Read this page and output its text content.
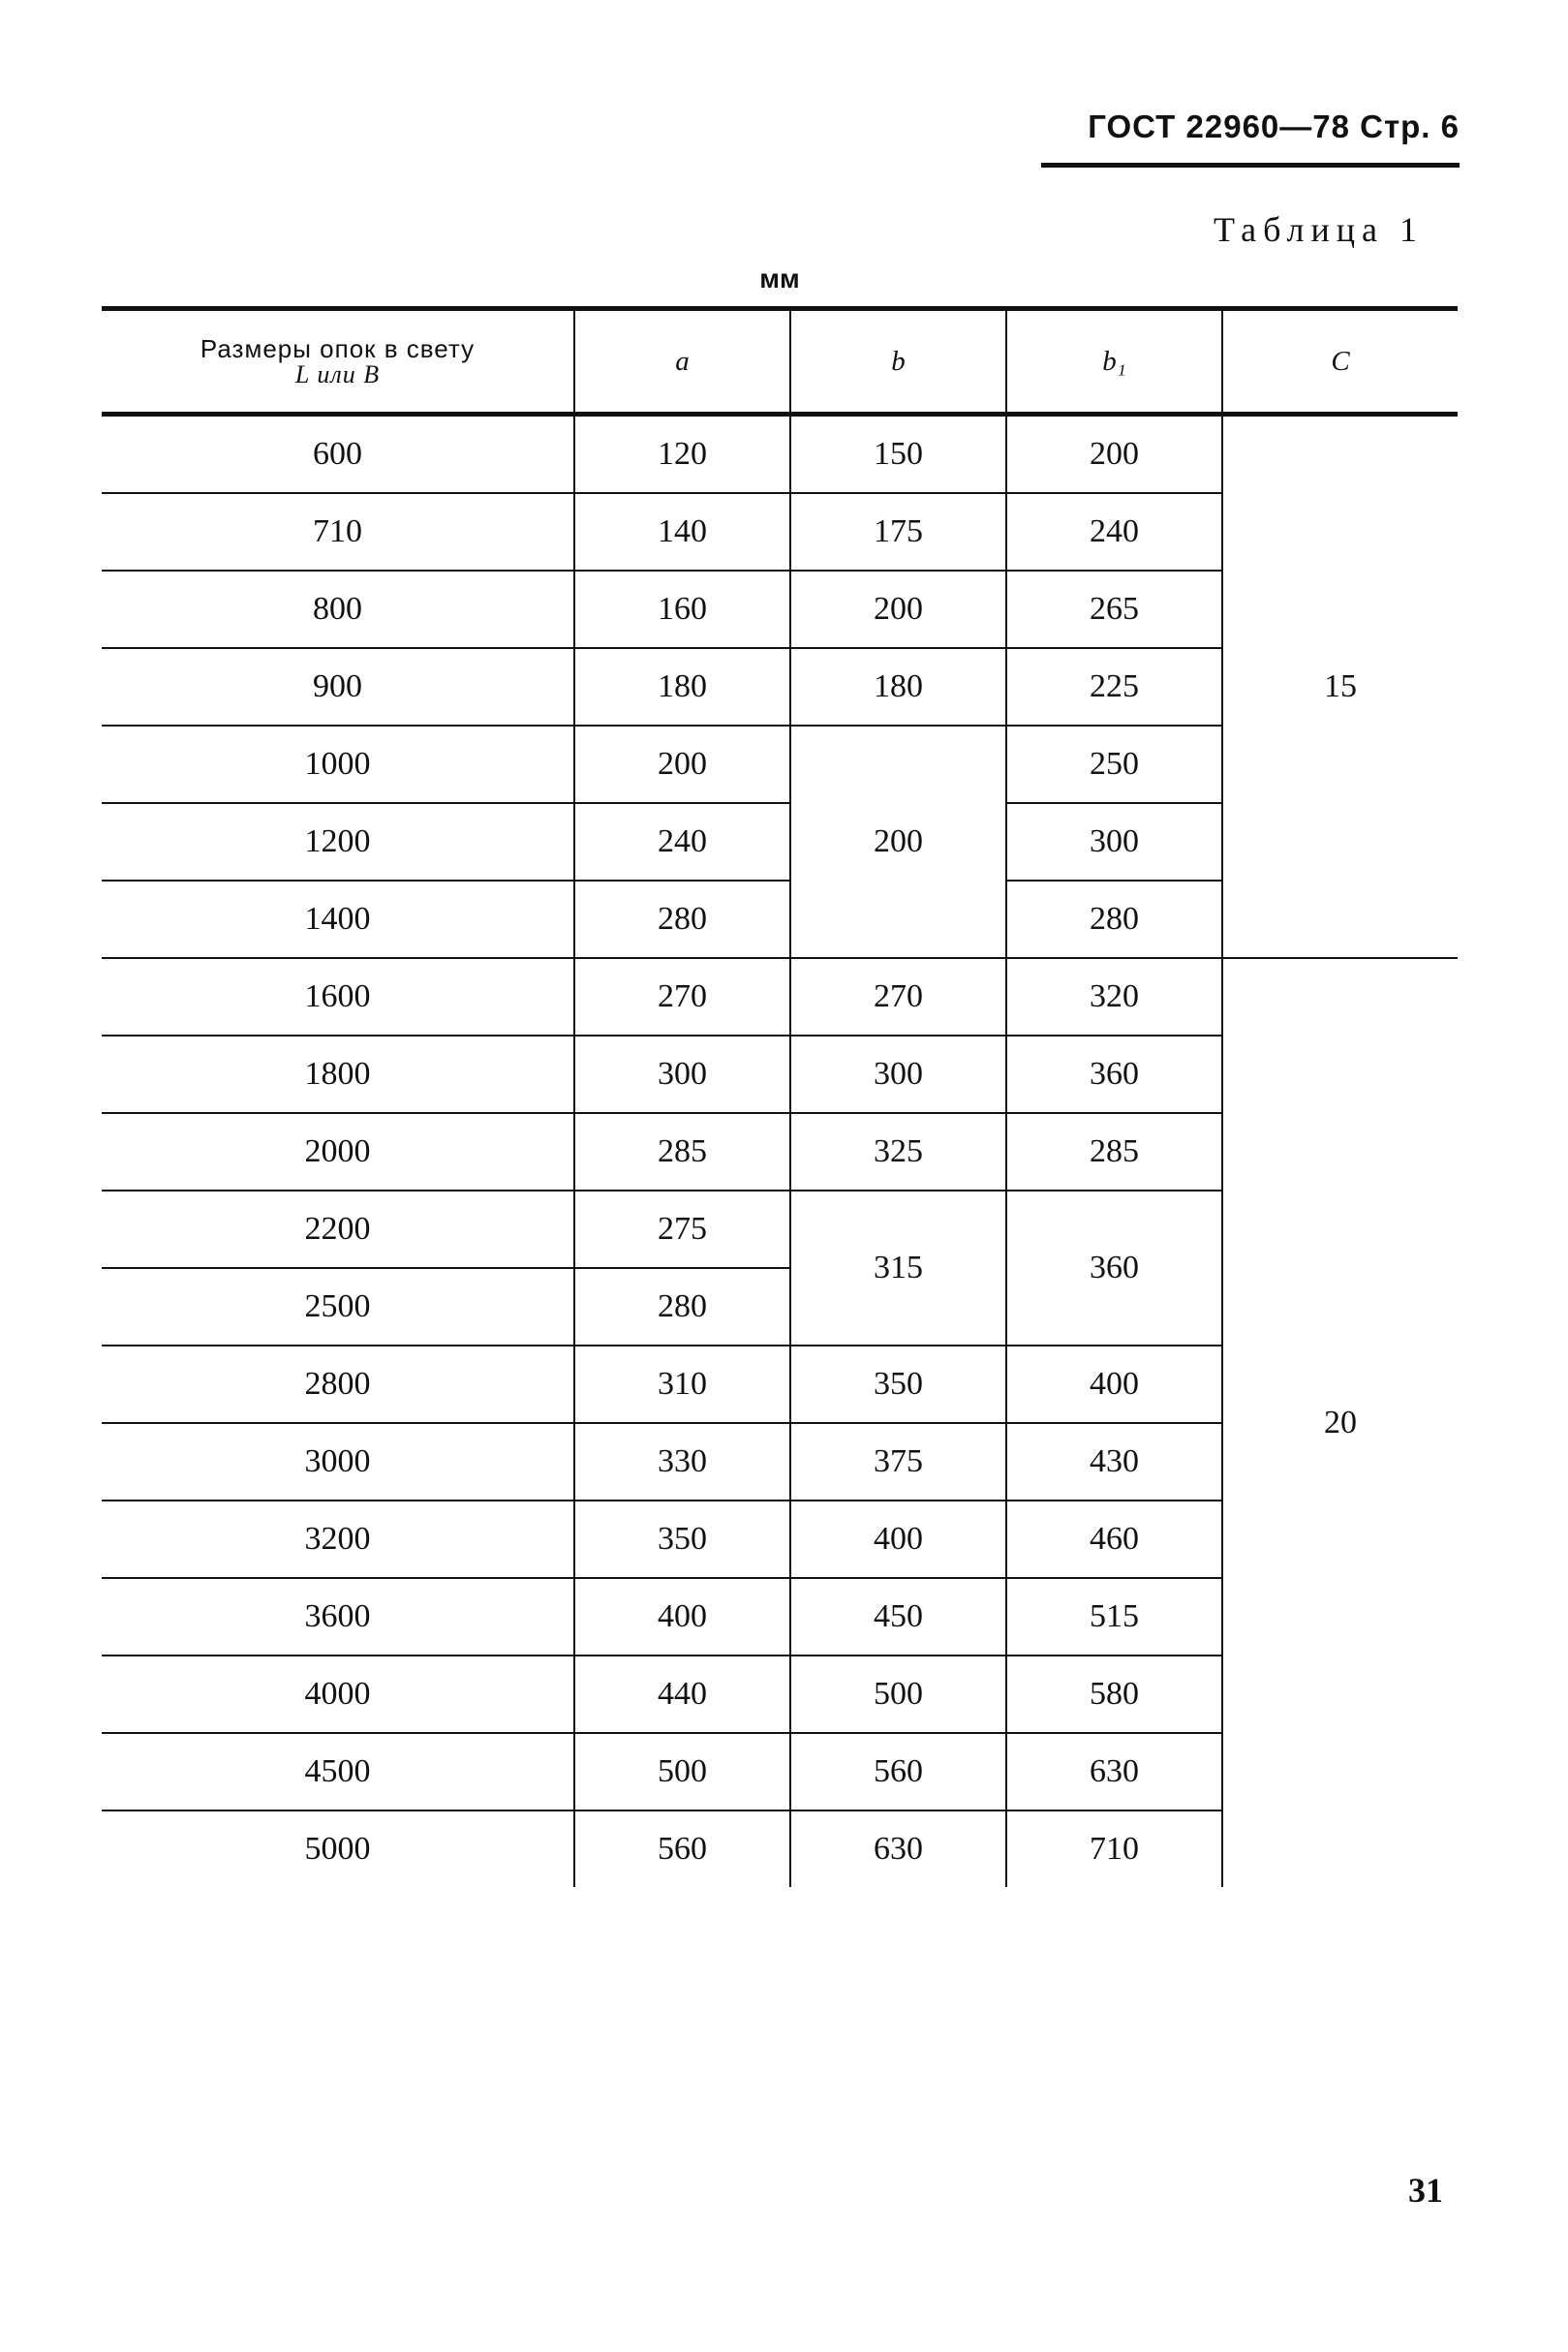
ГОСТ 22960—78 Стр. 6
Таблица 1
мм
Размеры опок в свету
L или B	a	b	b₁	C
600	120	150	200	15
710	140	175	240	
800	160	200	265	
900	180	180	225	
1000	200	200	250	
1200	240		300	
1400	280		280	
1600	270	270	320	20
1800	300	300	360	
2000	285	325	285	
2200	275	315	360	
2500	280			
2800	310	350	400	
3000	330	375	430	
3200	350	400	460	
3600	400	450	515	
4000	440	500	580	
4500	500	560	630	
5000	560	630	710	
31
